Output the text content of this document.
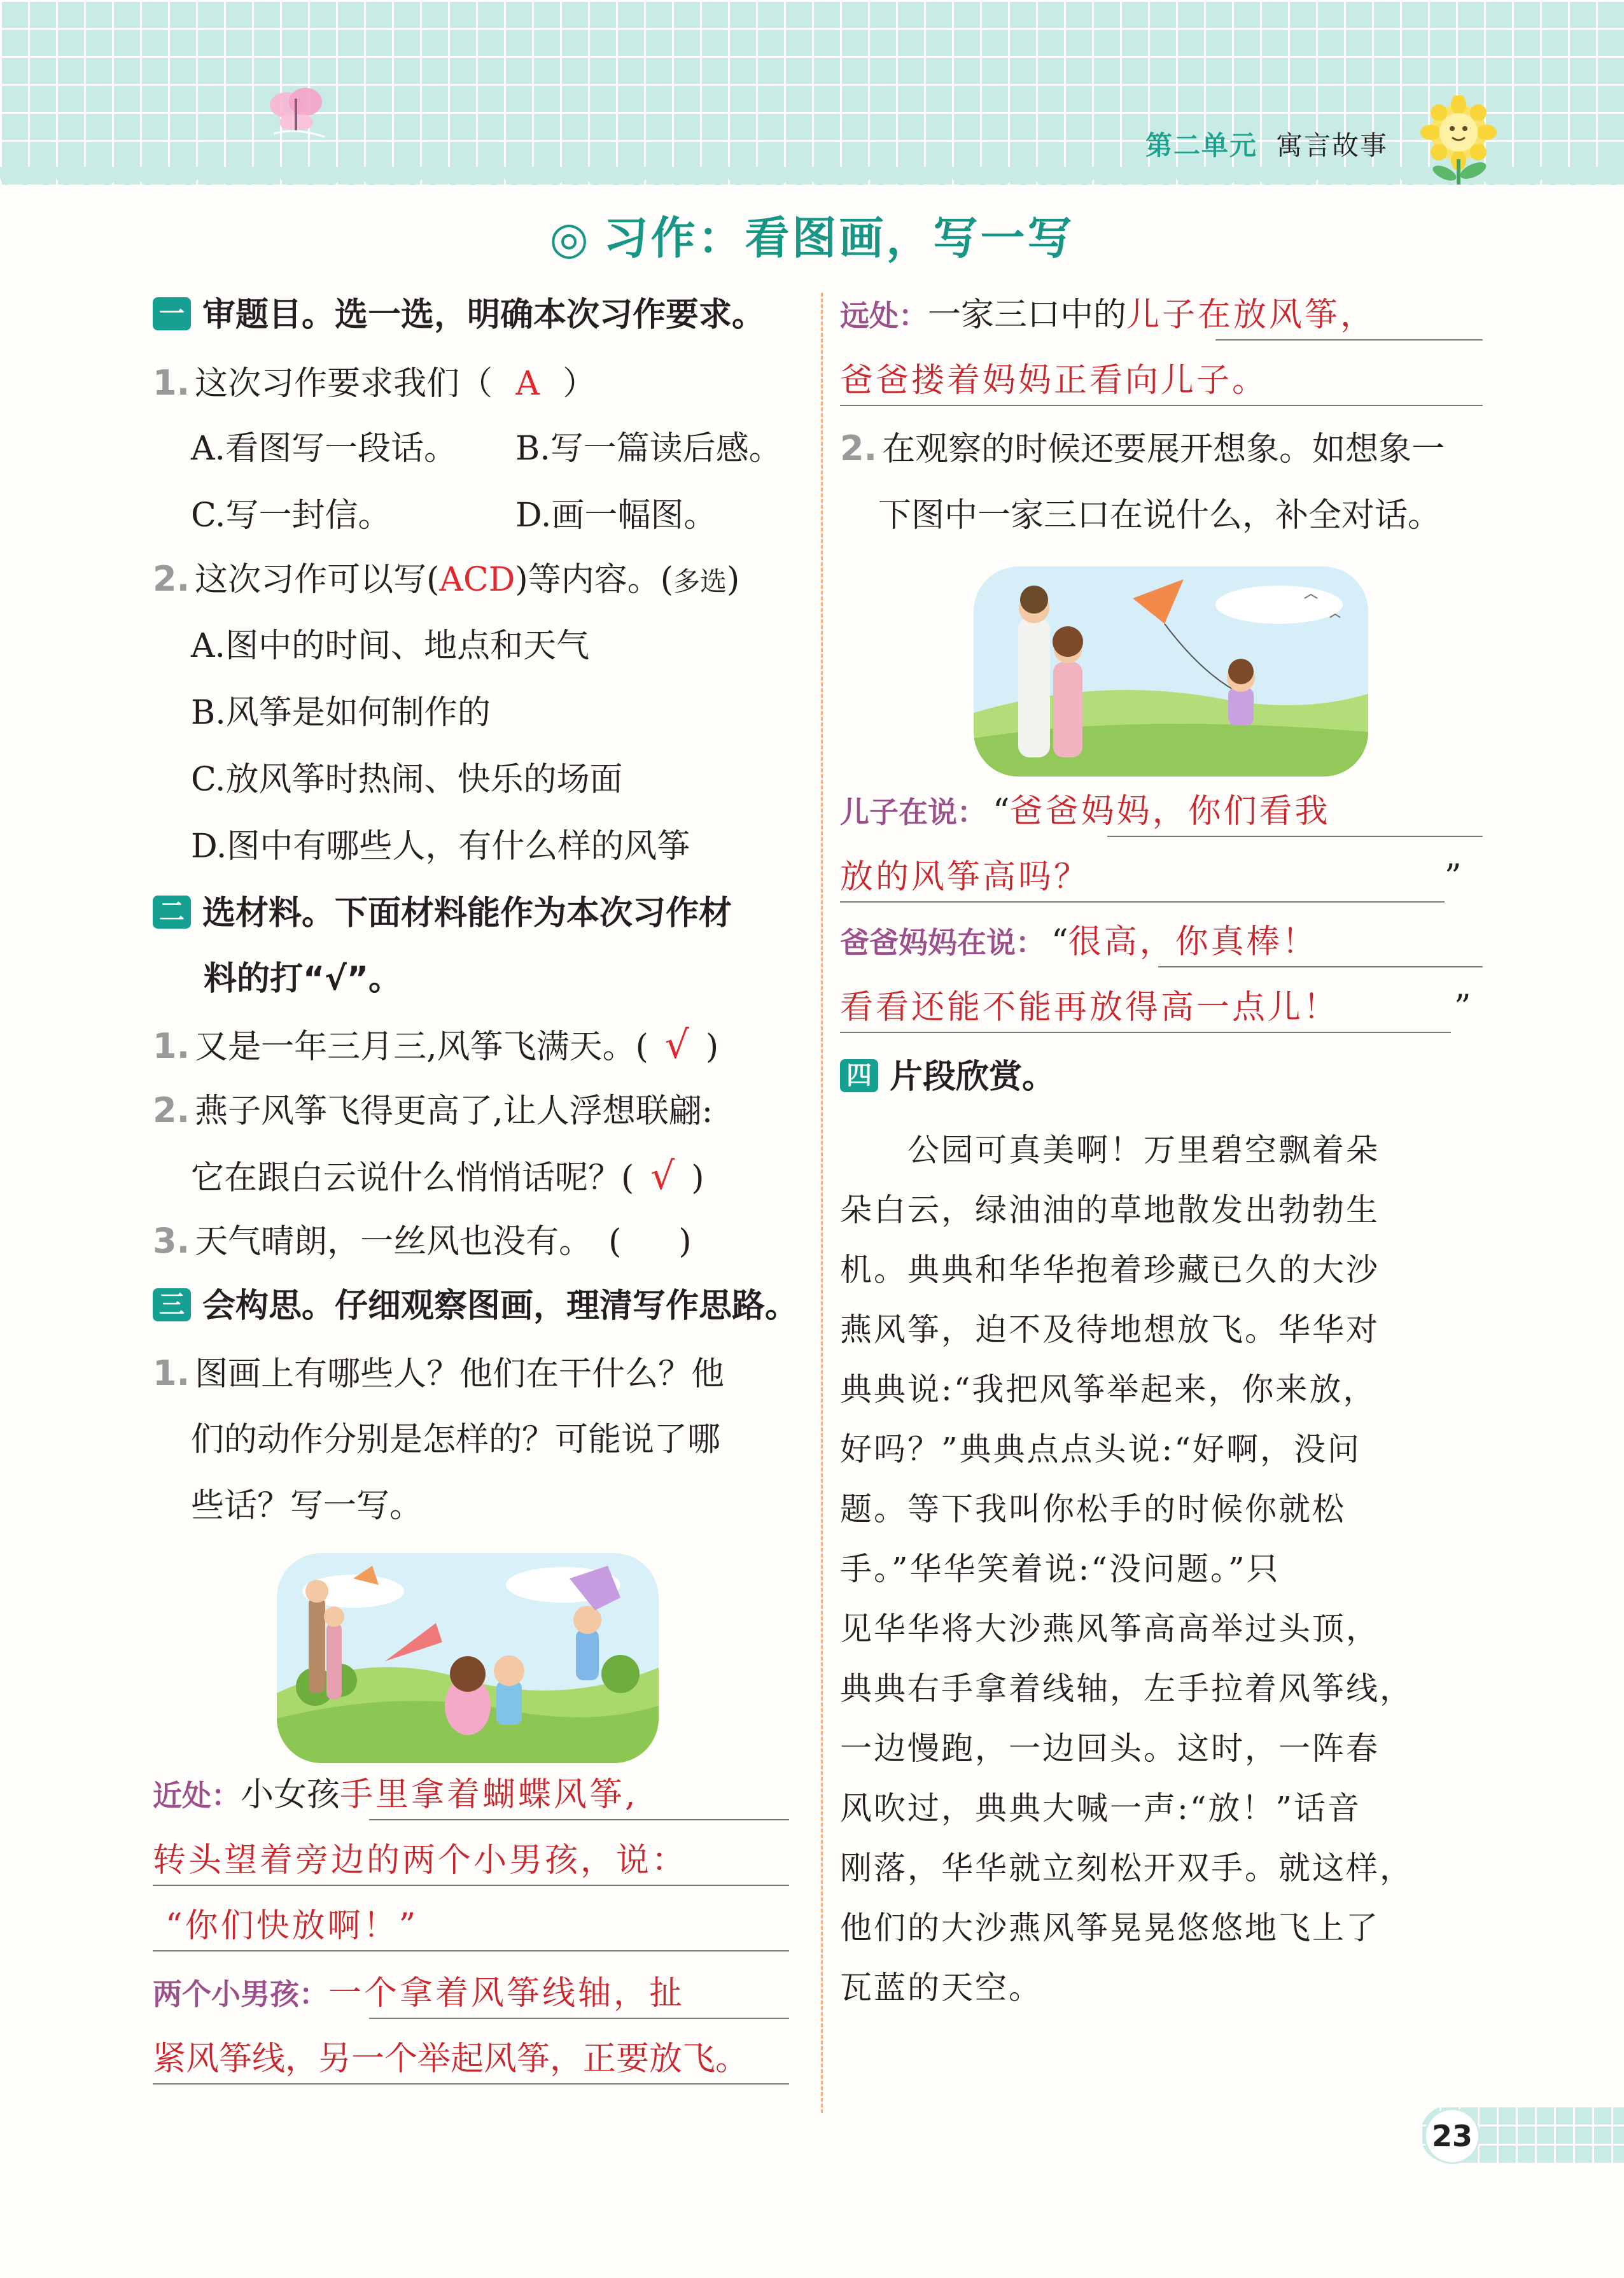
第二单元 寓言故事
◎ 习作：看图画，写一写
一 审题目。选一选，明确本次习作要求。
1. 这次习作要求我们（ A ）
A.看图写一段话。 B.写一篇读后感。
C.写一封信。	D.画一幅图。
2. 这次习作可以写(ACD)等内容。(多选)
A.图中的时间、地点和天气
B.风筝是如何制作的
C.放风筝时热闹、快乐的场面
D.图中有哪些人，有什么样的风筝
二 选材料。下面材料能作为本次习作材
料的打“√”。
1. 又是一年三月三,风筝飞满天。( √ )
2. 燕子风筝飞得更高了,让人浮想联翩:
它在跟白云说什么悄悄话呢？( √ )
3. 天气晴朗，一丝风也没有。　( )
三 会构思。仔细观察图画，理清写作思路。
1. 图画上有哪些人？他们在干什么？他
们的动作分别是怎样的？可能说了哪
些话？写一写。
近处：小女孩手里拿着蝴蝶风筝,
转头望着旁边的两个小男孩，说：
“你们快放啊！”
两个小男孩：一个拿着风筝线轴，扯
紧风筝线，另一个举起风筝，正要放飞。
远处：一家三口中的儿子在放风筝，
爸爸搂着妈妈正看向儿子。
2. 在观察的时候还要展开想象。如想象一
下图中一家三口在说什么，补全对话。
儿子在说： “爸爸妈妈，你们看我
放的风筝高吗？	”
爸爸妈妈在说： “很高，你真棒！
看看还能不能再放得高一点儿！	”
四 片段欣赏。
　　公园可真美啊！万里碧空飘着朵
朵白云，绿油油的草地散发出勃勃生
机。典典和华华抱着珍藏已久的大沙
燕风筝，迫不及待地想放飞。华华对
典典说:“我把风筝举起来，你来放，
好吗？”典典点点头说:“好啊，没问
题。等下我叫你松手的时候你就松
手。”华华笑着说:“没问题。”只
见华华将大沙燕风筝高高举过头顶，
典典右手拿着线轴，左手拉着风筝线，
一边慢跑，一边回头。这时，一阵春
风吹过，典典大喊一声:“放！”话音
刚落，华华就立刻松开双手。就这样，
他们的大沙燕风筝晃晃悠悠地飞上了
瓦蓝的天空。
23
